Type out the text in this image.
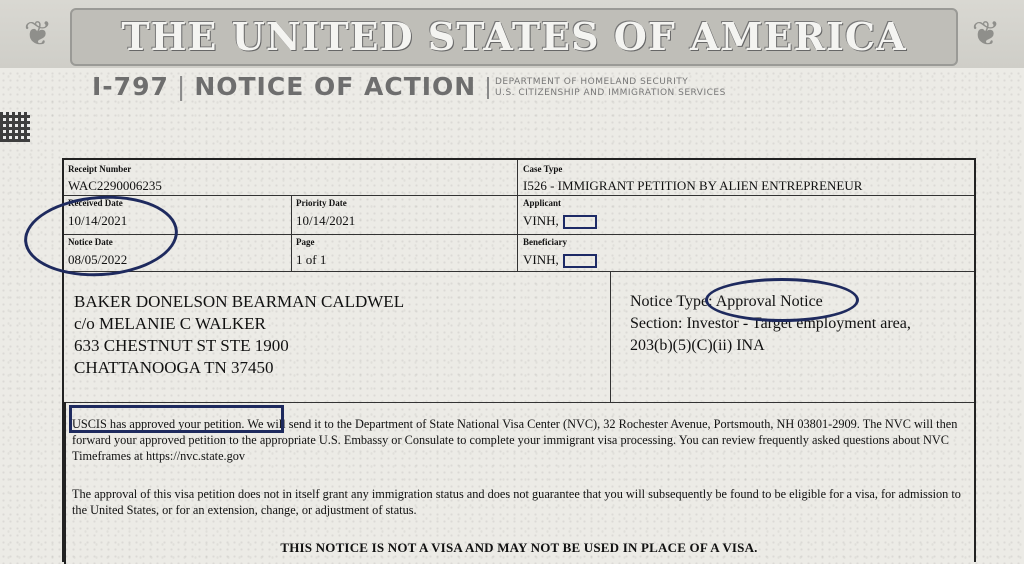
❦	THE UNITED STATES OF AMERICA	❦
I-797 | NOTICE OF ACTION DEPARTMENT OF HOMELAND SECURITY
U.S. CITIZENSHIP AND IMMIGRATION SERVICES
Receipt Number
WAC2290006235
Case Type
I526 - IMMIGRANT PETITION BY ALIEN ENTREPRENEUR
Received Date
10/14/2021
Priority Date
10/14/2021
Applicant
VINH,
Notice Date
08/05/2022
Page
1 of 1
Beneficiary
VINH,
BAKER DONELSON BEARMAN CALDWEL
c/o MELANIE C WALKER
633 CHESTNUT ST STE 1900
CHATTANOOGA TN 37450
Notice Type: Approval Notice
Section: Investor - Target employment area,
203(b)(5)(C)(ii) INA
USCIS has approved your petition. We will send it to the Department of State National Visa Center (NVC), 32 Rochester Avenue, Portsmouth, NH 03801-2909. The NVC will then forward your approved petition to the appropriate U.S. Embassy or Consulate to complete your immigrant visa processing. You can review frequently asked questions about NVC Timeframes at https://nvc.state.gov
The approval of this visa petition does not in itself grant any immigration status and does not guarantee that you will subsequently be found to be eligible for a visa, for admission to the United States, or for an extension, change, or adjustment of status.
THIS NOTICE IS NOT A VISA AND MAY NOT BE USED IN PLACE OF A VISA.
